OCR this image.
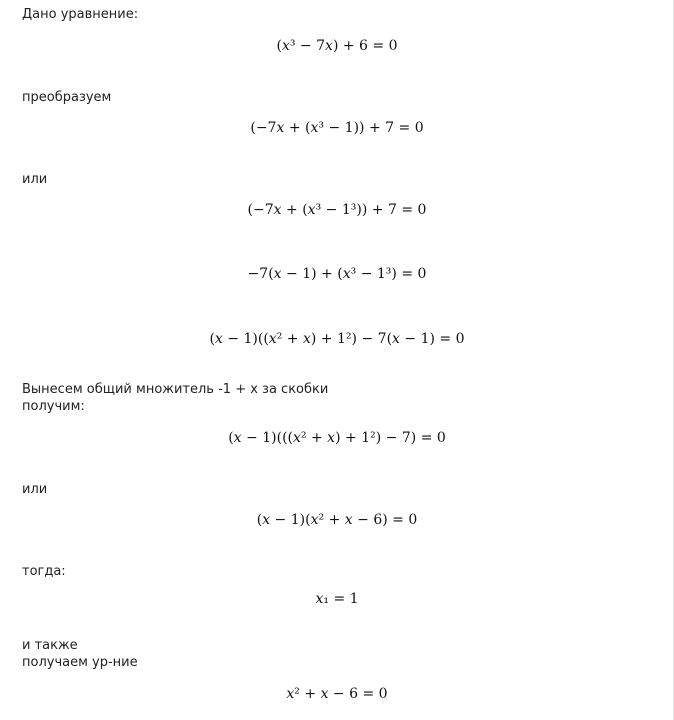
Дано уравнение:
(x³ − 7x) + 6 = 0
преобразуем
(−7x + (x³ − 1)) + 7 = 0
или
(−7x + (x³ − 1³)) + 7 = 0
−7(x − 1) + (x³ − 1³) = 0
(x − 1)((x² + x) + 1²) − 7(x − 1) = 0
Вынесем общий множитель -1 + x за скобки
получим:
(x − 1)(((x² + x) + 1²) − 7) = 0
или
(x − 1)(x² + x − 6) = 0
тогда:
x₁ = 1
и также
получаем ур-ние
x² + x − 6 = 0
